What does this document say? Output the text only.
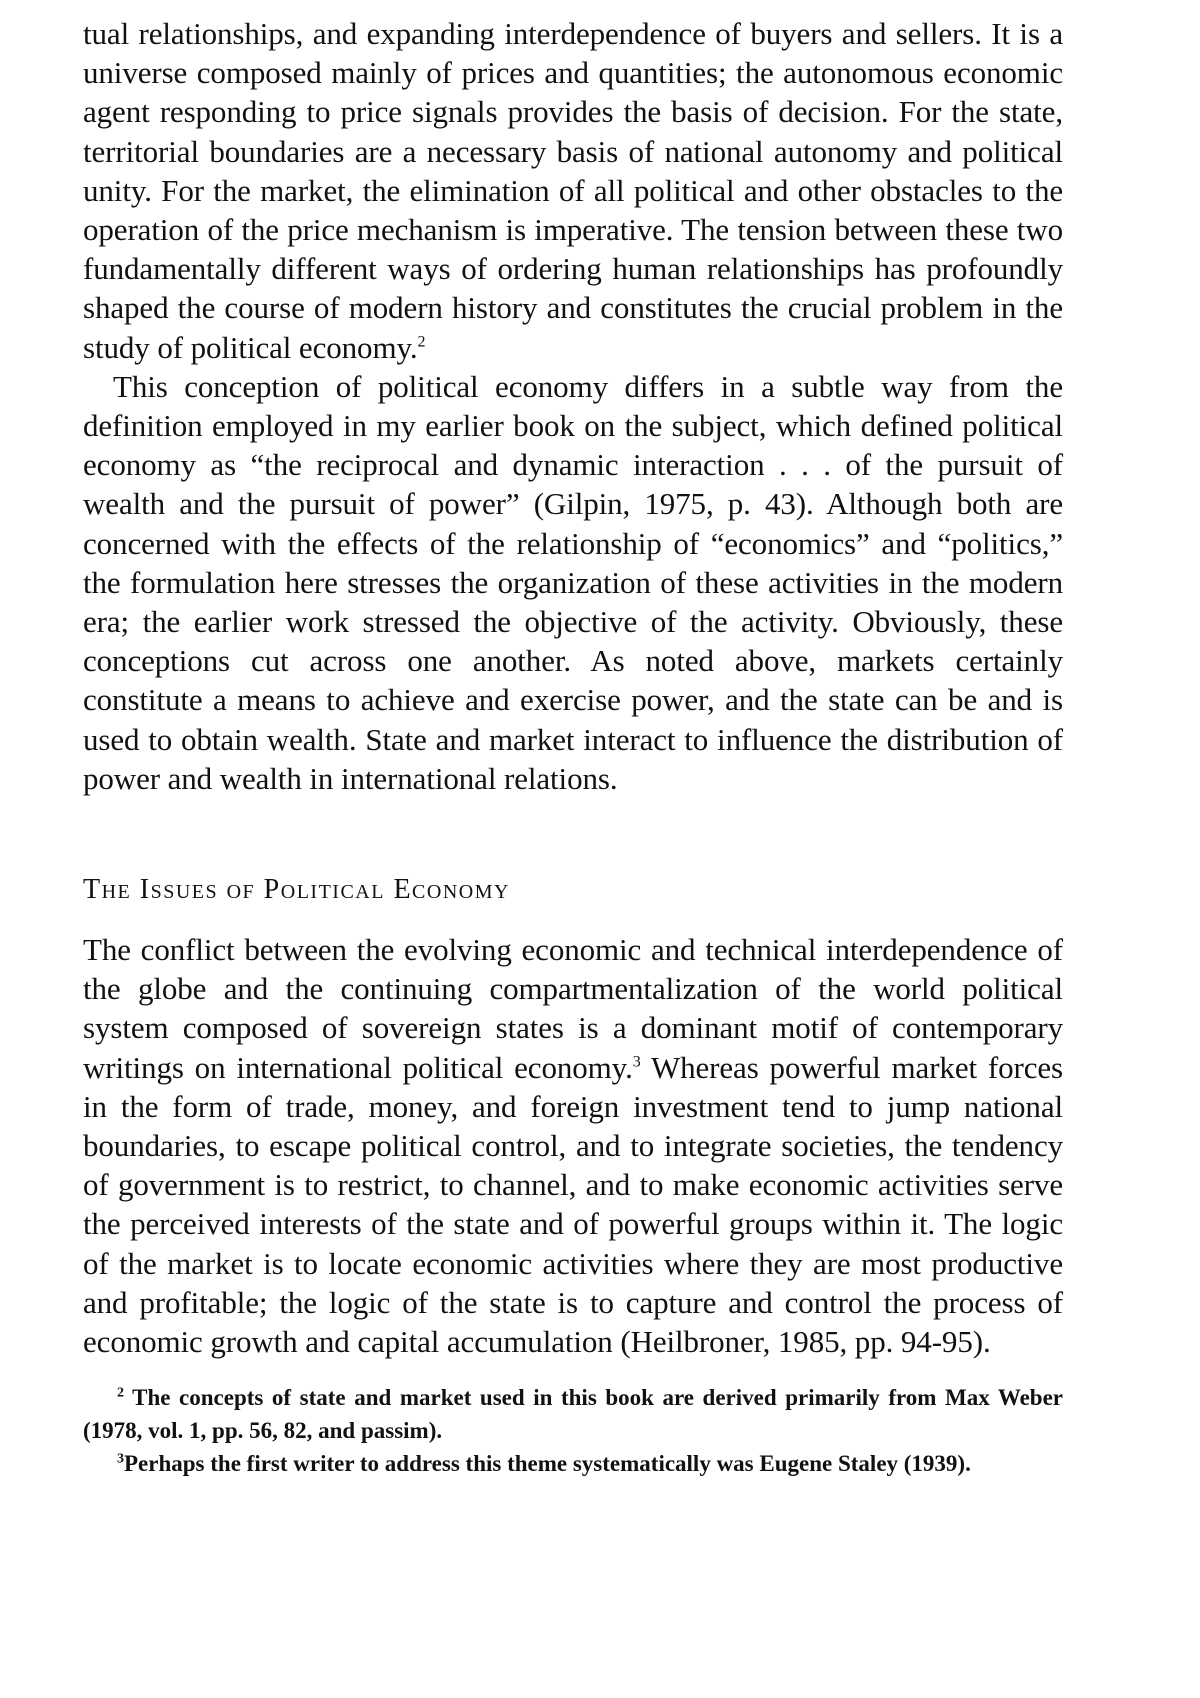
tual relationships, and expanding interdependence of buyers and sellers. It is a universe composed mainly of prices and quantities; the autonomous economic agent responding to price signals provides the basis of decision. For the state, territorial boundaries are a necessary basis of national autonomy and political unity. For the market, the elimination of all political and other obstacles to the operation of the price mechanism is imperative. The tension between these two fundamentally different ways of ordering human relationships has profoundly shaped the course of modern history and constitutes the crucial problem in the study of political economy.$^2$

This conception of political economy differs in a subtle way from the definition employed in my earlier book on the subject, which defined political economy as “the reciprocal and dynamic interaction . . . of the pursuit of wealth and the pursuit of power” (Gilpin, 1975, p. 43). Although both are concerned with the effects of the relationship of “economics” and “politics,” the formulation here stresses the organization of these activities in the modern era; the earlier work stressed the objective of the activity. Obviously, these conceptions cut across one another. As noted above, markets certainly constitute a means to achieve and exercise power, and the state can be and is used to obtain wealth. State and market interact to influence the distribution of power and wealth in international relations.

The Issues of Political Economy

The conflict between the evolving economic and technical interdependence of the globe and the continuing compartmentalization of the world political system composed of sovereign states is a dominant motif of contemporary writings on international political economy.$^3$ Whereas powerful market forces in the form of trade, money, and foreign investment tend to jump national boundaries, to escape political control, and to integrate societies, the tendency of government is to restrict, to channel, and to make economic activities serve the perceived interests of the state and of powerful groups within it. The logic of the market is to locate economic activities where they are most productive and profitable; the logic of the state is to capture and control the process of economic growth and capital accumulation (Heilbroner, 1985, pp. 94-95).

$^2$ The concepts of state and market used in this book are derived primarily from Max Weber (1978, vol. 1, pp. 56, 82, and passim).

$^3$Perhaps the first writer to address this theme systematically was Eugene Staley (1939).
